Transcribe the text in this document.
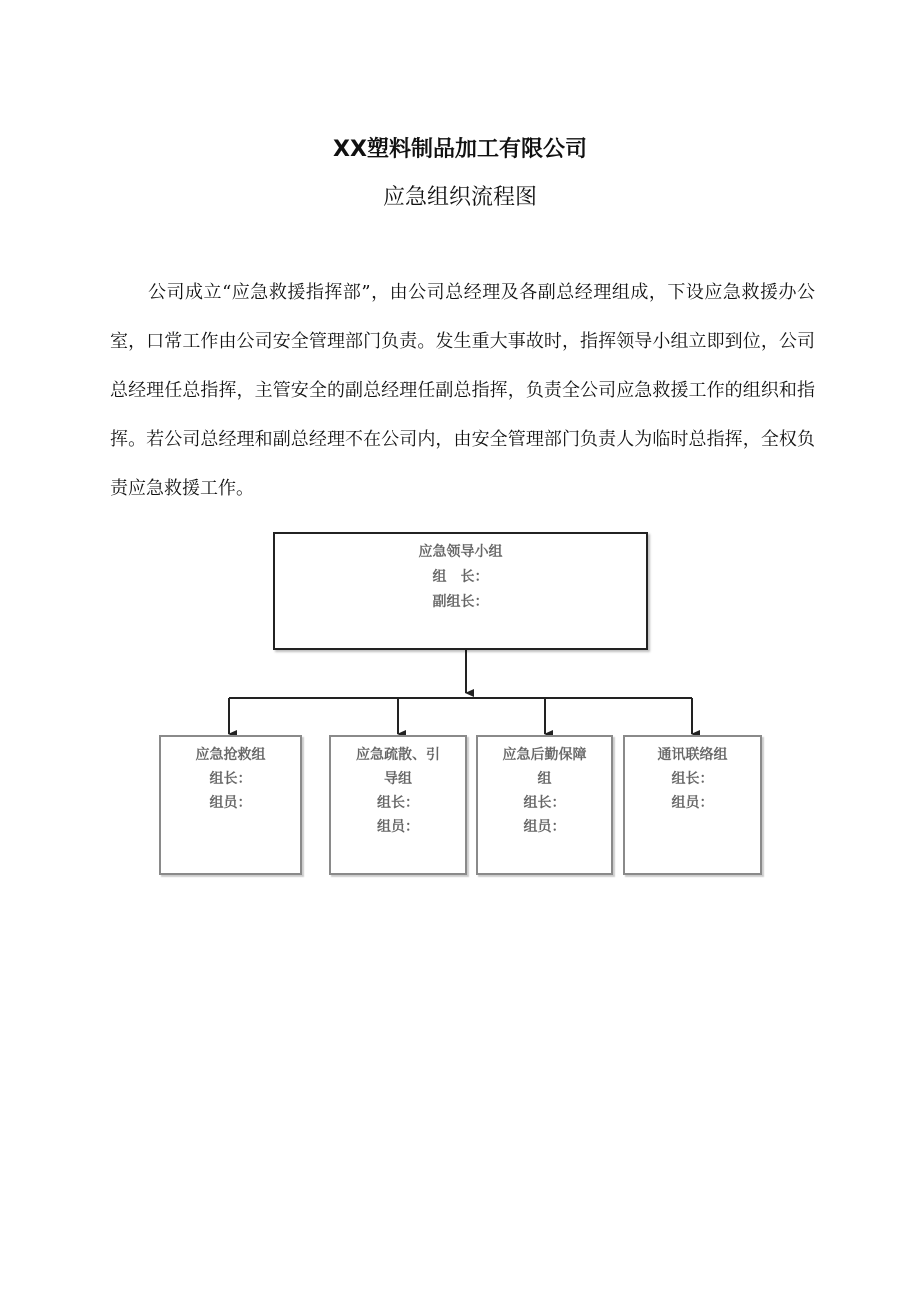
XX塑料制品加工有限公司
应急组织流程图
公司成立“应急救援指挥部”，由公司总经理及各副总经理组成，下设应急救援办公室，口常工作由公司安全管理部门负责。发生重大事故时，指挥领导小组立即到位，公司总经理任总指挥，主管安全的副总经理任副总指挥，负责全公司应急救援工作的组织和指挥。若公司总经理和副总经理不在公司内，由安全管理部门负责人为临时总指挥，全权负责应急救援工作。
应急领导小组
组　长：
副组长：
应急抢救组
组长：
组员：
应急疏散、引
导组
组长：
组员：
应急后勤保障
组
组长：
组员：
通讯联络组
组长：
组员：
